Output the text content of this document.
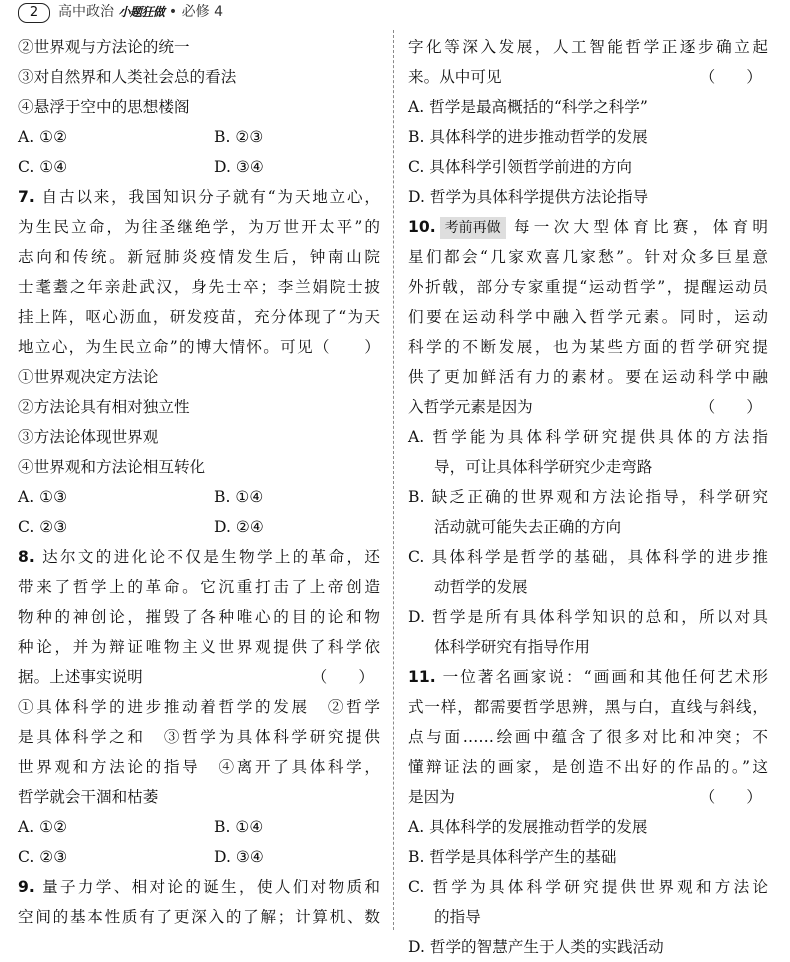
2	高中政治 小题狂做 • 必修 4
②世界观与方法论的统一
③对自然界和人类社会总的看法
④悬浮于空中的思想楼阁
A. ①②	B. ②③
C. ①④	D. ③④
7. 自古以来，我国知识分子就有“为天地立心，
为生民立命，为往圣继绝学，为万世开太平”的
志向和传统。新冠肺炎疫情发生后，钟南山院
士耄耋之年亲赴武汉，身先士卒；李兰娟院士披
挂上阵，呕心沥血，研发疫苗，充分体现了“为天
地立心，为生民立命”的博大情怀。可见（　　）
①世界观决定方法论
②方法论具有相对独立性
③方法论体现世界观
④世界观和方法论相互转化
A. ①③	B. ①④
C. ②③	D. ②④
8. 达尔文的进化论不仅是生物学上的革命，还
带来了哲学上的革命。它沉重打击了上帝创造
物种的神创论，摧毁了各种唯心的目的论和物
种论，并为辩证唯物主义世界观提供了科学依
据。上述事实说明	（　　）
①具体科学的进步推动着哲学的发展　②哲学
是具体科学之和　③哲学为具体科学研究提供
世界观和方法论的指导　④离开了具体科学，
哲学就会干涸和枯萎
A. ①②	B. ①④
C. ②③	D. ③④
9. 量子力学、相对论的诞生，使人们对物质和
空间的基本性质有了更深入的了解；计算机、数
字化等深入发展，人工智能哲学正逐步确立起
来。从中可见	（　　）
A. 哲学是最高概括的“科学之科学”
B. 具体科学的进步推动哲学的发展
C. 具体科学引领哲学前进的方向
D. 哲学为具体科学提供方法论指导
10. 考前再做 每一次大型体育比赛，体育明
星们都会“几家欢喜几家愁”。针对众多巨星意
外折戟，部分专家重提“运动哲学”，提醒运动员
们要在运动科学中融入哲学元素。同时，运动
科学的不断发展，也为某些方面的哲学研究提
供了更加鲜活有力的素材。要在运动科学中融
入哲学元素是因为	（　　）
A. 哲学能为具体科学研究提供具体的方法指
导，可让具体科学研究少走弯路
B. 缺乏正确的世界观和方法论指导，科学研究
活动就可能失去正确的方向
C. 具体科学是哲学的基础，具体科学的进步推
动哲学的发展
D. 哲学是所有具体科学知识的总和，所以对具
体科学研究有指导作用
11. 一位著名画家说：“画画和其他任何艺术形
式一样，都需要哲学思辨，黑与白，直线与斜线，
点与面……绘画中蕴含了很多对比和冲突；不
懂辩证法的画家，是创造不出好的作品的。”这
是因为	（　　）
A. 具体科学的发展推动哲学的发展
B. 哲学是具体科学产生的基础
C. 哲学为具体科学研究提供世界观和方法论
的指导
D. 哲学的智慧产生于人类的实践活动
